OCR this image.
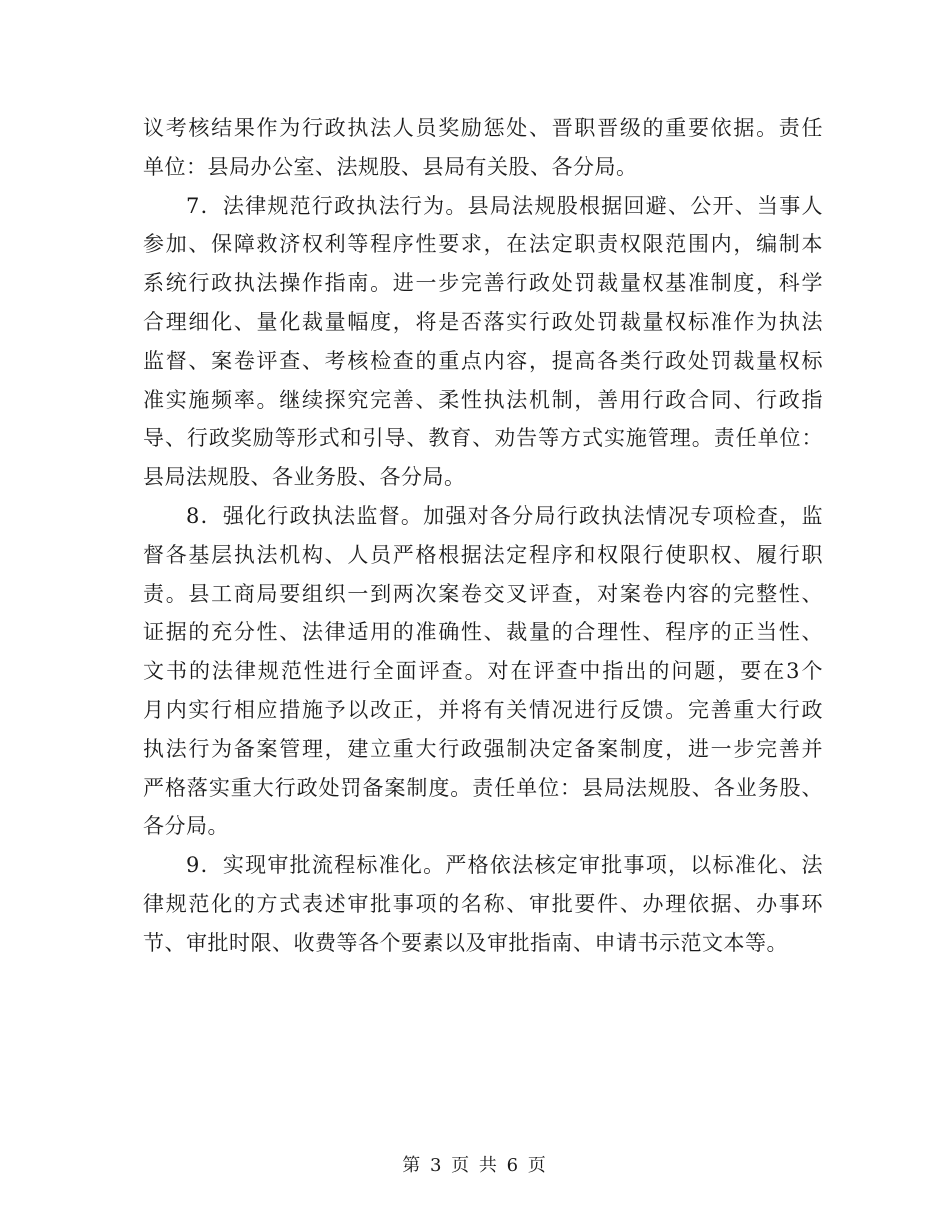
议考核结果作为行政执法人员奖励惩处、晋职晋级的重要依据。责任
单位：县局办公室、法规股、县局有关股、各分局。
7．法律规范行政执法行为。县局法规股根据回避、公开、当事人
参加、保障救济权利等程序性要求，在法定职责权限范围内，编制本
系统行政执法操作指南。进一步完善行政处罚裁量权基准制度，科学
合理细化、量化裁量幅度，将是否落实行政处罚裁量权标准作为执法
监督、案卷评查、考核检查的重点内容，提高各类行政处罚裁量权标
准实施频率。继续探究完善、柔性执法机制，善用行政合同、行政指
导、行政奖励等形式和引导、教育、劝告等方式实施管理。责任单位：
县局法规股、各业务股、各分局。
8．强化行政执法监督。加强对各分局行政执法情况专项检查，监
督各基层执法机构、人员严格根据法定程序和权限行使职权、履行职
责。县工商局要组织一到两次案卷交叉评查，对案卷内容的完整性、
证据的充分性、法律适用的准确性、裁量的合理性、程序的正当性、
文书的法律规范性进行全面评查。对在评查中指出的问题，要在3个
月内实行相应措施予以改正，并将有关情况进行反馈。完善重大行政
执法行为备案管理，建立重大行政强制决定备案制度，进一步完善并
严格落实重大行政处罚备案制度。责任单位：县局法规股、各业务股、
各分局。
9．实现审批流程标准化。严格依法核定审批事项，以标准化、法
律规范化的方式表述审批事项的名称、审批要件、办理依据、办事环
节、审批时限、收费等各个要素以及审批指南、申请书示范文本等。
第 3 页 共 6 页
